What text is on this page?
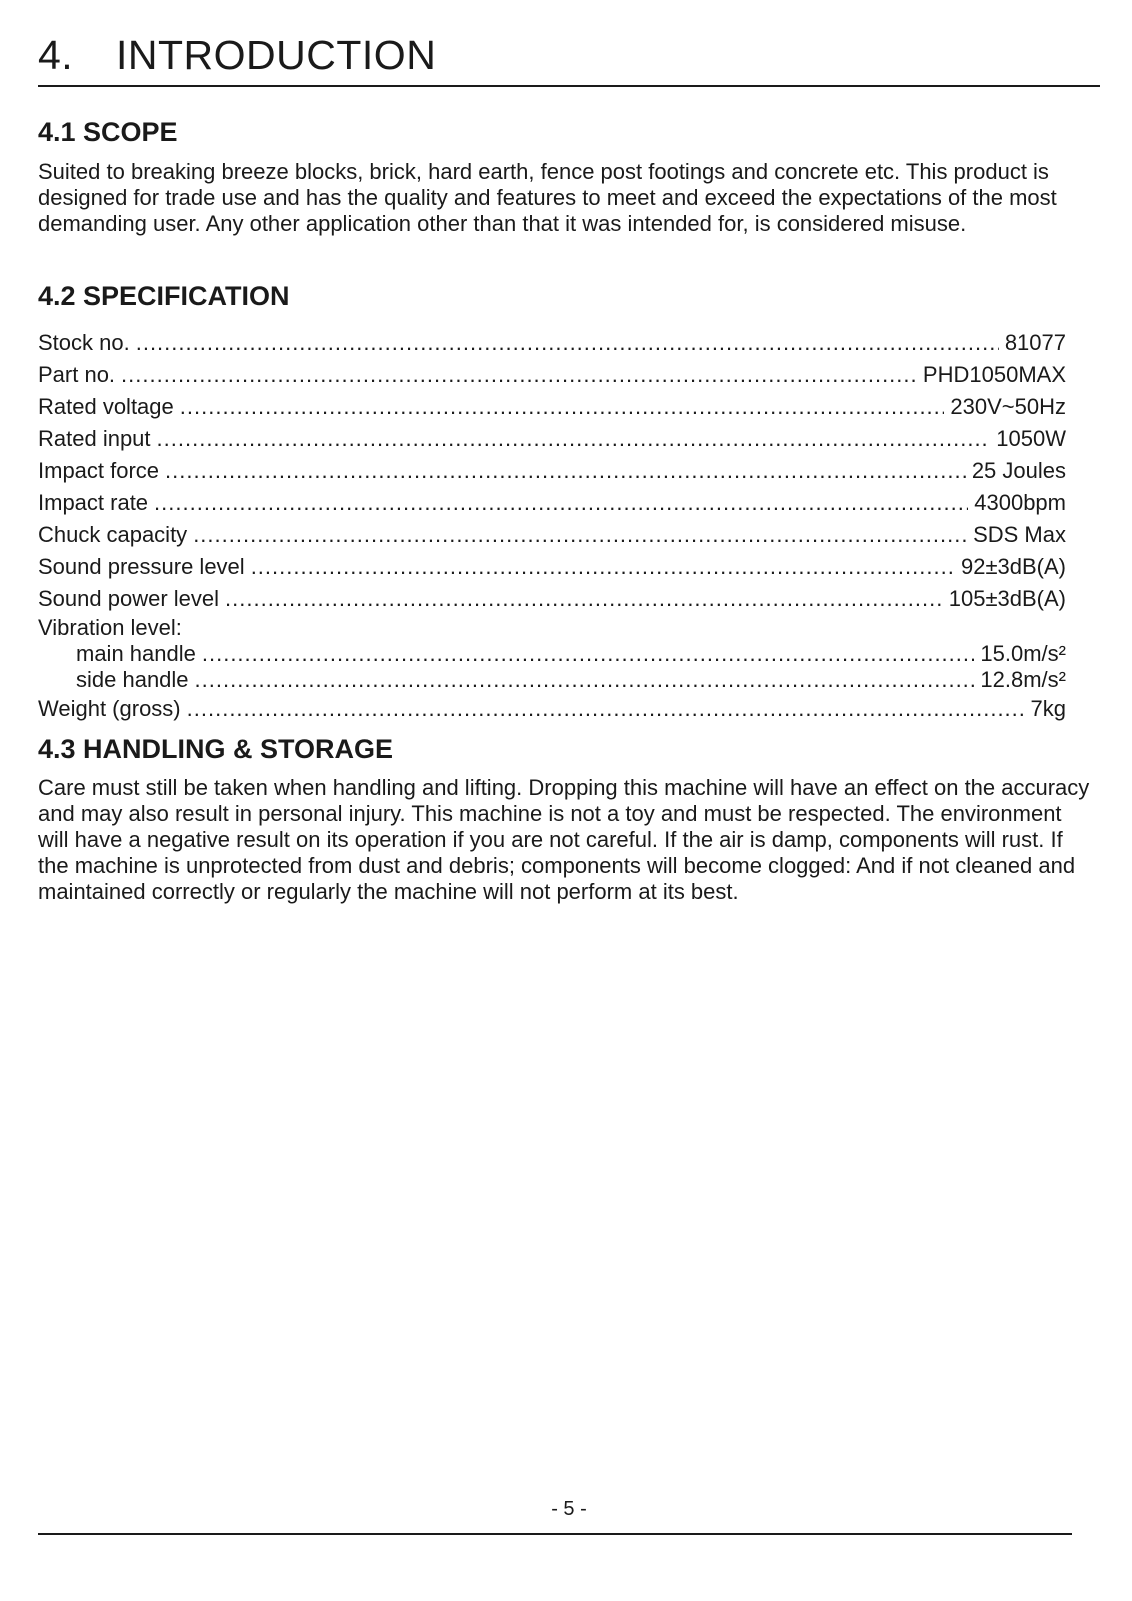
4. INTRODUCTION
4.1 SCOPE

Suited to breaking breeze blocks, brick, hard earth, fence post footings and concrete etc. This product is designed for trade use and has the quality and features to meet and exceed the expectations of the most demanding user. Any other application other than that it was intended for, is considered misuse.

4.2 SPECIFICATION
Stock no. .....	81077
Part no. .....	PHD1050MAX
Rated voltage .....	230V~50Hz
Rated input .....	1050W
Impact force .....	25 Joules
Impact rate .....	4300bpm
Chuck capacity .....	SDS Max
Sound pressure level .....	92±3dB(A)
Sound power level .....	105±3dB(A)
Vibration level:
main handle .....	15.0m/s²
side handle .....	12.8m/s²
Weight (gross) .....	7kg
4.3 HANDLING & STORAGE

Care must still be taken when handling and lifting. Dropping this machine will have an effect on the accuracy and may also result in personal injury. This machine is not a toy and must be respected. The environment will have a negative result on its operation if you are not careful. If the air is damp, components will rust. If the machine is unprotected from dust and debris; components will become clogged: And if not cleaned and maintained correctly or regularly the machine will not perform at its best.

- 5 -
